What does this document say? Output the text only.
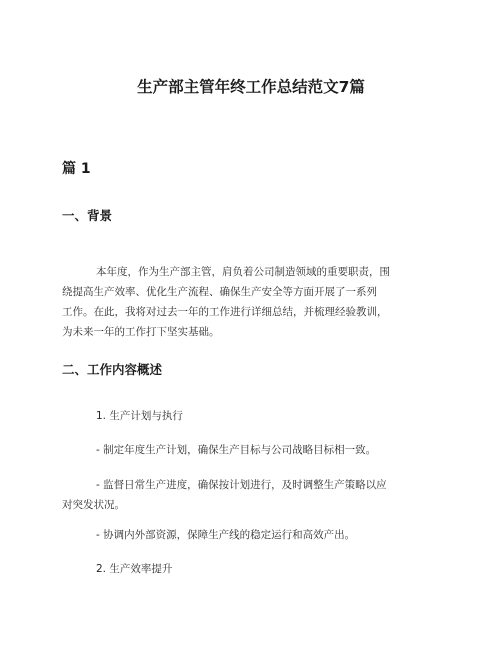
生产部主管年终工作总结范文7篇
篇 1
一、背景
本年度，作为生产部主管，肩负着公司制造领域的重要职责，围
绕提高生产效率、优化生产流程、确保生产安全等方面开展了一系列
工作。在此，我将对过去一年的工作进行详细总结，并梳理经验教训，
为未来一年的工作打下坚实基础。
二、工作内容概述
1. 生产计划与执行
- 制定年度生产计划，确保生产目标与公司战略目标相一致。
- 监督日常生产进度，确保按计划进行，及时调整生产策略以应
对突发状况。
- 协调内外部资源，保障生产线的稳定运行和高效产出。
2. 生产效率提升
